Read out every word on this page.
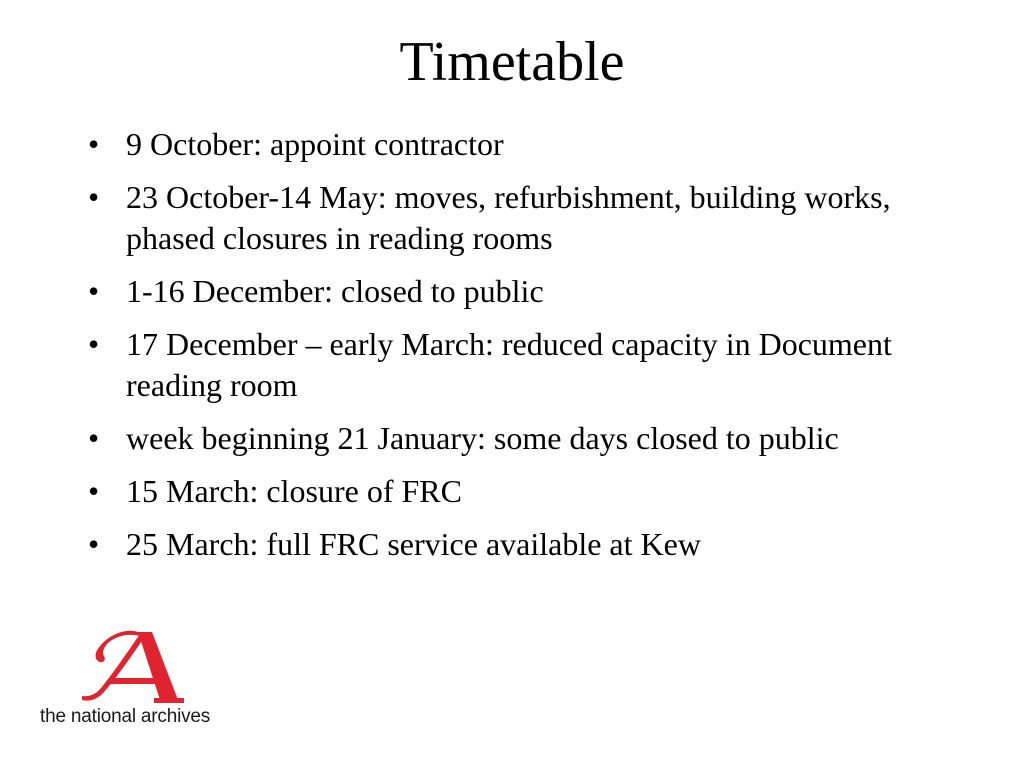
Timetable
• 9 October: appoint contractor
• 23 October-14 May: moves, refurbishment, building works, phased closures in reading rooms
• 1-16 December: closed to public
• 17 December – early March: reduced capacity in Document reading room
• week beginning 21 January: some days closed to public
• 15 March: closure of FRC
• 25 March: full FRC service available at Kew
the national archives
